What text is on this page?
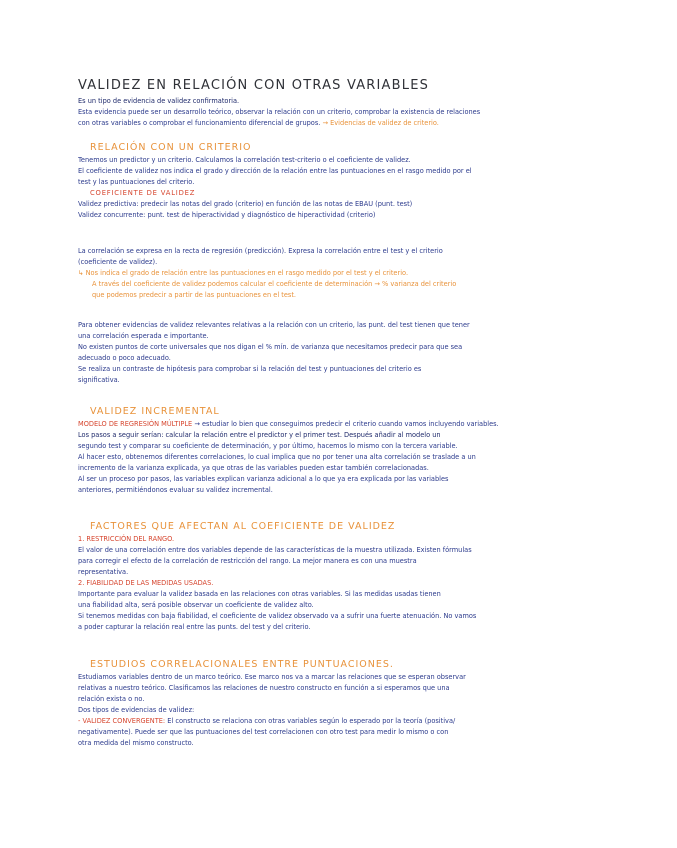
VALIDEZ EN RELACIÓN CON OTRAS VARIABLES
Es un tipo de evidencia de validez confirmatoria.
Esta evidencia puede ser un desarrollo teórico, observar la relación con un criterio, comprobar la existencia de relaciones
con otras variables o comprobar el funcionamiento diferencial de grupos. → Evidencias de validez de criterio.
RELACIÓN CON UN CRITERIO
Tenemos un predictor y un criterio. Calculamos la correlación test-criterio o el coeficiente de validez.
El coeficiente de validez nos indica el grado y dirección de la relación entre las puntuaciones en el rasgo medido por el
test y las puntuaciones del criterio.
COEFICIENTE DE VALIDEZ
Validez predictiva: predecir las notas del grado (criterio) en función de las notas de EBAU (punt. test)
Validez concurrente: punt. test de hiperactividad y diagnóstico de hiperactividad (criterio)
La correlación se expresa en la recta de regresión (predicción). Expresa la correlación entre el test y el criterio
(coeficiente de validez).
↳ Nos indica el grado de relación entre las puntuaciones en el rasgo medido por el test y el criterio.
A través del coeficiente de validez podemos calcular el coeficiente de determinación → % varianza del criterio
que podemos predecir a partir de las puntuaciones en el test.
Para obtener evidencias de validez relevantes relativas a la relación con un criterio, las punt. del test tienen que tener
una correlación esperada e importante.
No existen puntos de corte universales que nos digan el % mín. de varianza que necesitamos predecir para que sea
adecuado o poco adecuado.
Se realiza un contraste de hipótesis para comprobar si la relación del test y puntuaciones del criterio es
significativa.
VALIDEZ INCREMENTAL
MODELO DE REGRESIÓN MÚLTIPLE → estudiar lo bien que conseguimos predecir el criterio cuando vamos incluyendo variables.
Los pasos a seguir serían: calcular la relación entre el predictor y el primer test. Después añadir al modelo un
segundo test y comparar su coeficiente de determinación, y por último, hacemos lo mismo con la tercera variable.
Al hacer esto, obtenemos diferentes correlaciones, lo cual implica que no por tener una alta correlación se traslade a un
incremento de la varianza explicada, ya que otras de las variables pueden estar también correlacionadas.
Al ser un proceso por pasos, las variables explican varianza adicional a lo que ya era explicada por las variables
anteriores, permitiéndonos evaluar su validez incremental.
FACTORES QUE AFECTAN AL COEFICIENTE DE VALIDEZ
1. RESTRICCIÓN DEL RANGO.
El valor de una correlación entre dos variables depende de las características de la muestra utilizada. Existen fórmulas
para corregir el efecto de la correlación de restricción del rango. La mejor manera es con una muestra
representativa.
2. FIABILIDAD DE LAS MEDIDAS USADAS.
Importante para evaluar la validez basada en las relaciones con otras variables. Si las medidas usadas tienen
una fiabilidad alta, será posible observar un coeficiente de validez alto.
Si tenemos medidas con baja fiabilidad, el coeficiente de validez observado va a sufrir una fuerte atenuación. No vamos
a poder capturar la relación real entre las punts. del test y del criterio.
ESTUDIOS CORRELACIONALES ENTRE PUNTUACIONES.
Estudiamos variables dentro de un marco teórico. Ese marco nos va a marcar las relaciones que se esperan observar
relativas a nuestro teórico. Clasificamos las relaciones de nuestro constructo en función a si esperamos que una
relación exista o no.
Dos tipos de evidencias de validez:
- VALIDEZ CONVERGENTE: El constructo se relaciona con otras variables según lo esperado por la teoría (positiva/
negativamente). Puede ser que las puntuaciones del test correlacionen con otro test para medir lo mismo o con
otra medida del mismo constructo.
